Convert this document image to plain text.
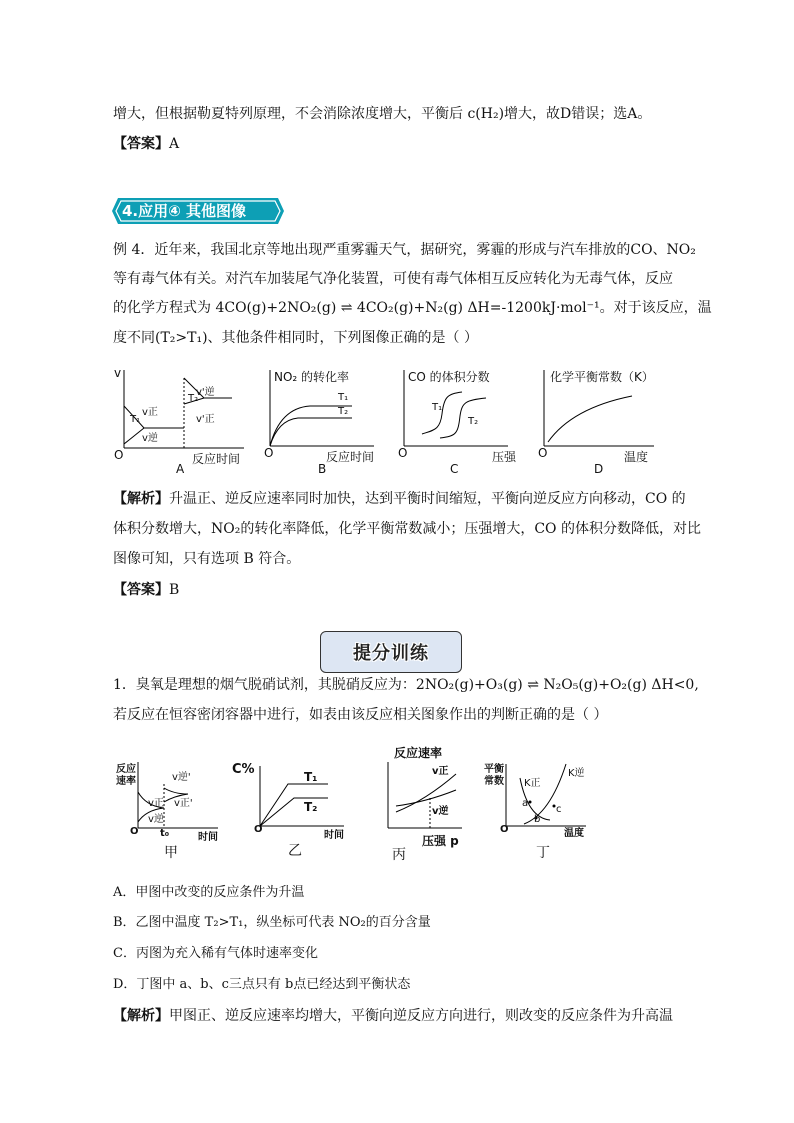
增大，但根据勒夏特列原理，不会消除浓度增大，平衡后 c(H₂)增大，故D错误；选A。
【答案】A
4.应用④ 其他图像
例 4．近年来，我国北京等地出现严重雾霾天气，据研究，雾霾的形成与汽车排放的CO、NO₂
等有毒气体有关。对汽车加装尾气净化装置，可使有毒气体相互反应转化为无毒气体，反应
的化学方程式为 4CO(g)+2NO₂(g) ⇌ 4CO₂(g)+N₂(g) ΔH=-1200kJ·mol⁻¹。对于该反应，温
度不同(T₂>T₁)、其他条件相同时，下列图像正确的是（ ）
v
O
v正
v逆
T₁
T₂
v'逆
v'正
反应时间
A
NO₂ 的转化率
O
T₁
T₂
反应时间
B
CO 的体积分数
O
T₁
T₂
压强
C
化学平衡常数（K）
O	温度
D
【解析】升温正、逆反应速率同时加快，达到平衡时间缩短，平衡向逆反应方向移动，CO 的
体积分数增大，NO₂的转化率降低，化学平衡常数减小；压强增大，CO 的体积分数降低，对比
图像可知，只有选项 B 符合。
【答案】B
提分训练
1．臭氧是理想的烟气脱硝试剂，其脱硝反应为：2NO₂(g)+O₃(g) ⇌ N₂O₅(g)+O₂(g) ΔH<0,
若反应在恒容密闭容器中进行，如表由该反应相关图象作出的判断正确的是（ ）
反应
速率	v逆'
v正'
v正
v逆
O t₀	时间
甲
C%	T₁
T₂
O
时间
乙
反应速率
v正
v逆
压强 p
丙
平衡
常数 K正
K逆
a
b
c
O	温度
丁
A．甲图中改变的反应条件为升温
B．乙图中温度 T₂>T₁，纵坐标可代表 NO₂的百分含量
C．丙图为充入稀有气体时速率变化
D．丁图中 a、b、c三点只有 b点已经达到平衡状态
【解析】甲图正、逆反应速率均增大，平衡向逆反应方向进行，则改变的反应条件为升高温
